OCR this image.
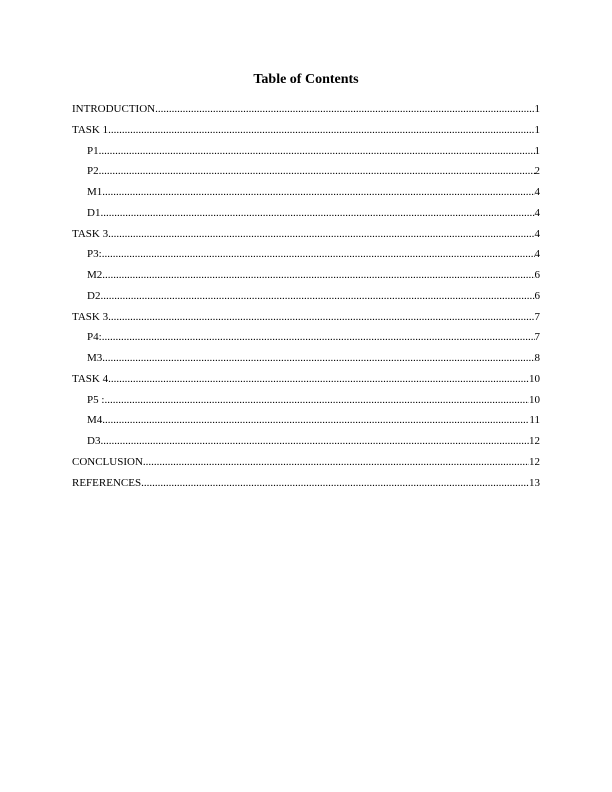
Table of Contents
INTRODUCTION .....	1
TASK 1 .....	1
P1 .....	1
P2 .....	2
M1 .....	4
D1 .....	4
TASK 3 .....	4
P3: .....	4
M2 .....	6
D2 .....	6
TASK 3 .....	7
P4: .....	7
M3 .....	8
TASK 4 .....	10
P5 : .....	10
M4 .....	11
D3 .....	12
CONCLUSION .....	12
REFERENCES .....	13
